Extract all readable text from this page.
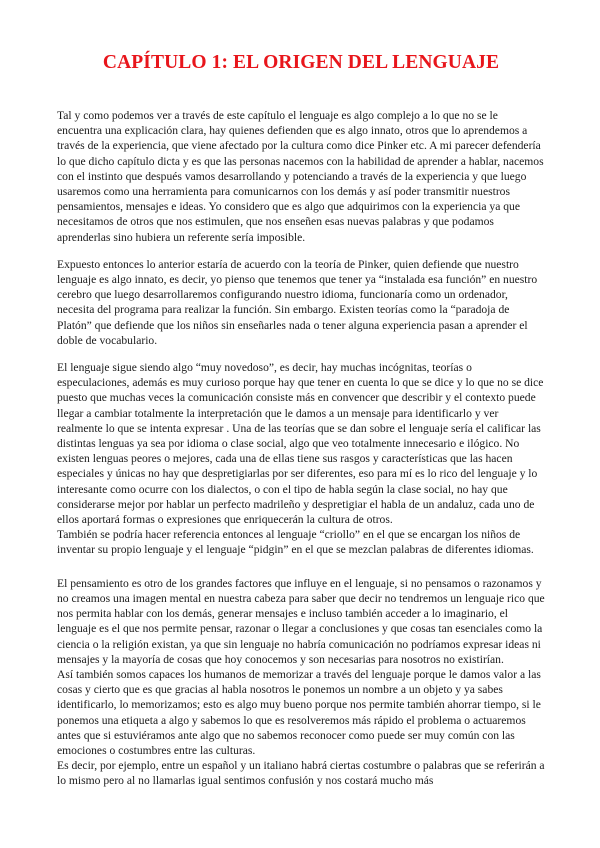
CAPÍTULO 1: EL ORIGEN DEL LENGUAJE

Tal y como podemos ver a través de este capítulo el lenguaje es algo complejo a lo que no se le encuentra una explicación clara, hay quienes defienden que es algo innato, otros que lo aprendemos a través de la experiencia, que viene afectado por la cultura como dice Pinker etc. A mi parecer defendería lo que dicho capítulo dicta y es que las personas nacemos con la habilidad de aprender a hablar, nacemos con el instinto que después vamos desarrollando y potenciando a través de la experiencia y que luego usaremos como una herramienta para comunicarnos con los demás y así poder transmitir nuestros pensamientos, mensajes e ideas. Yo considero que es algo que adquirimos con la experiencia ya que necesitamos de otros que nos estimulen, que nos enseñen esas nuevas palabras y que podamos aprenderlas sino hubiera un referente sería imposible.

Expuesto entonces lo anterior estaría de acuerdo con la teoría de Pinker, quien defiende que nuestro lenguaje es algo innato, es decir, yo pienso que tenemos que tener ya “instalada esa función” en nuestro cerebro que luego desarrollaremos configurando nuestro idioma, funcionaría como un ordenador, necesita del programa para realizar la función. Sin embargo. Existen teorías como la “paradoja de Platón” que defiende que los niños sin enseñarles nada o tener alguna experiencia pasan a aprender el doble de vocabulario.

El lenguaje sigue siendo algo “muy novedoso”, es decir, hay muchas incógnitas, teorías o especulaciones, además es muy curioso porque hay que tener en cuenta lo que se dice y lo que no se dice puesto que muchas veces la comunicación consiste más en convencer que describir y el contexto puede llegar a cambiar totalmente la interpretación que le damos a un mensaje para identificarlo y ver realmente lo que se intenta expresar . Una de las teorías que se dan sobre el lenguaje sería el calificar las distintas lenguas ya sea por idioma o clase social, algo que veo totalmente innecesario e ilógico. No existen lenguas peores o mejores, cada una de ellas tiene sus rasgos y características que las hacen especiales y únicas no hay que despretigiarlas por ser diferentes, eso para mí es lo rico del lenguaje y lo interesante como ocurre con los dialectos, o con el tipo de habla según la clase social, no hay que considerarse mejor por hablar un perfecto madrileño y despretigiar el habla de un andaluz, cada uno de ellos aportará formas o expresiones que enriquecerán la cultura de otros.

También se podría hacer referencia entonces al lenguaje “criollo” en el que se encargan los niños de inventar su propio lenguaje y el lenguaje “pidgin” en el que se mezclan palabras de diferentes idiomas.

El pensamiento es otro de los grandes factores que influye en el lenguaje, si no pensamos o razonamos y no creamos una imagen mental en nuestra cabeza para saber que decir no tendremos un lenguaje rico que nos permita hablar con los demás, generar mensajes e incluso también acceder a lo imaginario, el lenguaje es el que nos permite pensar, razonar o llegar a conclusiones y que cosas tan esenciales como la ciencia o la religión existan, ya que sin lenguaje no habría comunicación no podríamos expresar ideas ni mensajes y la mayoría de cosas que hoy conocemos y son necesarias para nosotros no existirían.

Así también somos capaces los humanos de memorizar a través del lenguaje porque le damos valor a las cosas y cierto que es que gracias al habla nosotros le ponemos un nombre a un objeto y ya sabes identificarlo, lo memorizamos; esto es algo muy bueno porque nos permite también ahorrar tiempo, si le ponemos una etiqueta a algo y sabemos lo que es resolveremos más rápido el problema o actuaremos antes que si estuviéramos ante algo que no sabemos reconocer como puede ser muy común con las emociones o costumbres entre las culturas.

Es decir, por ejemplo, entre un español y un italiano habrá ciertas costumbre o palabras que se referirán a lo mismo pero al no llamarlas igual sentimos confusión y nos costará mucho más
